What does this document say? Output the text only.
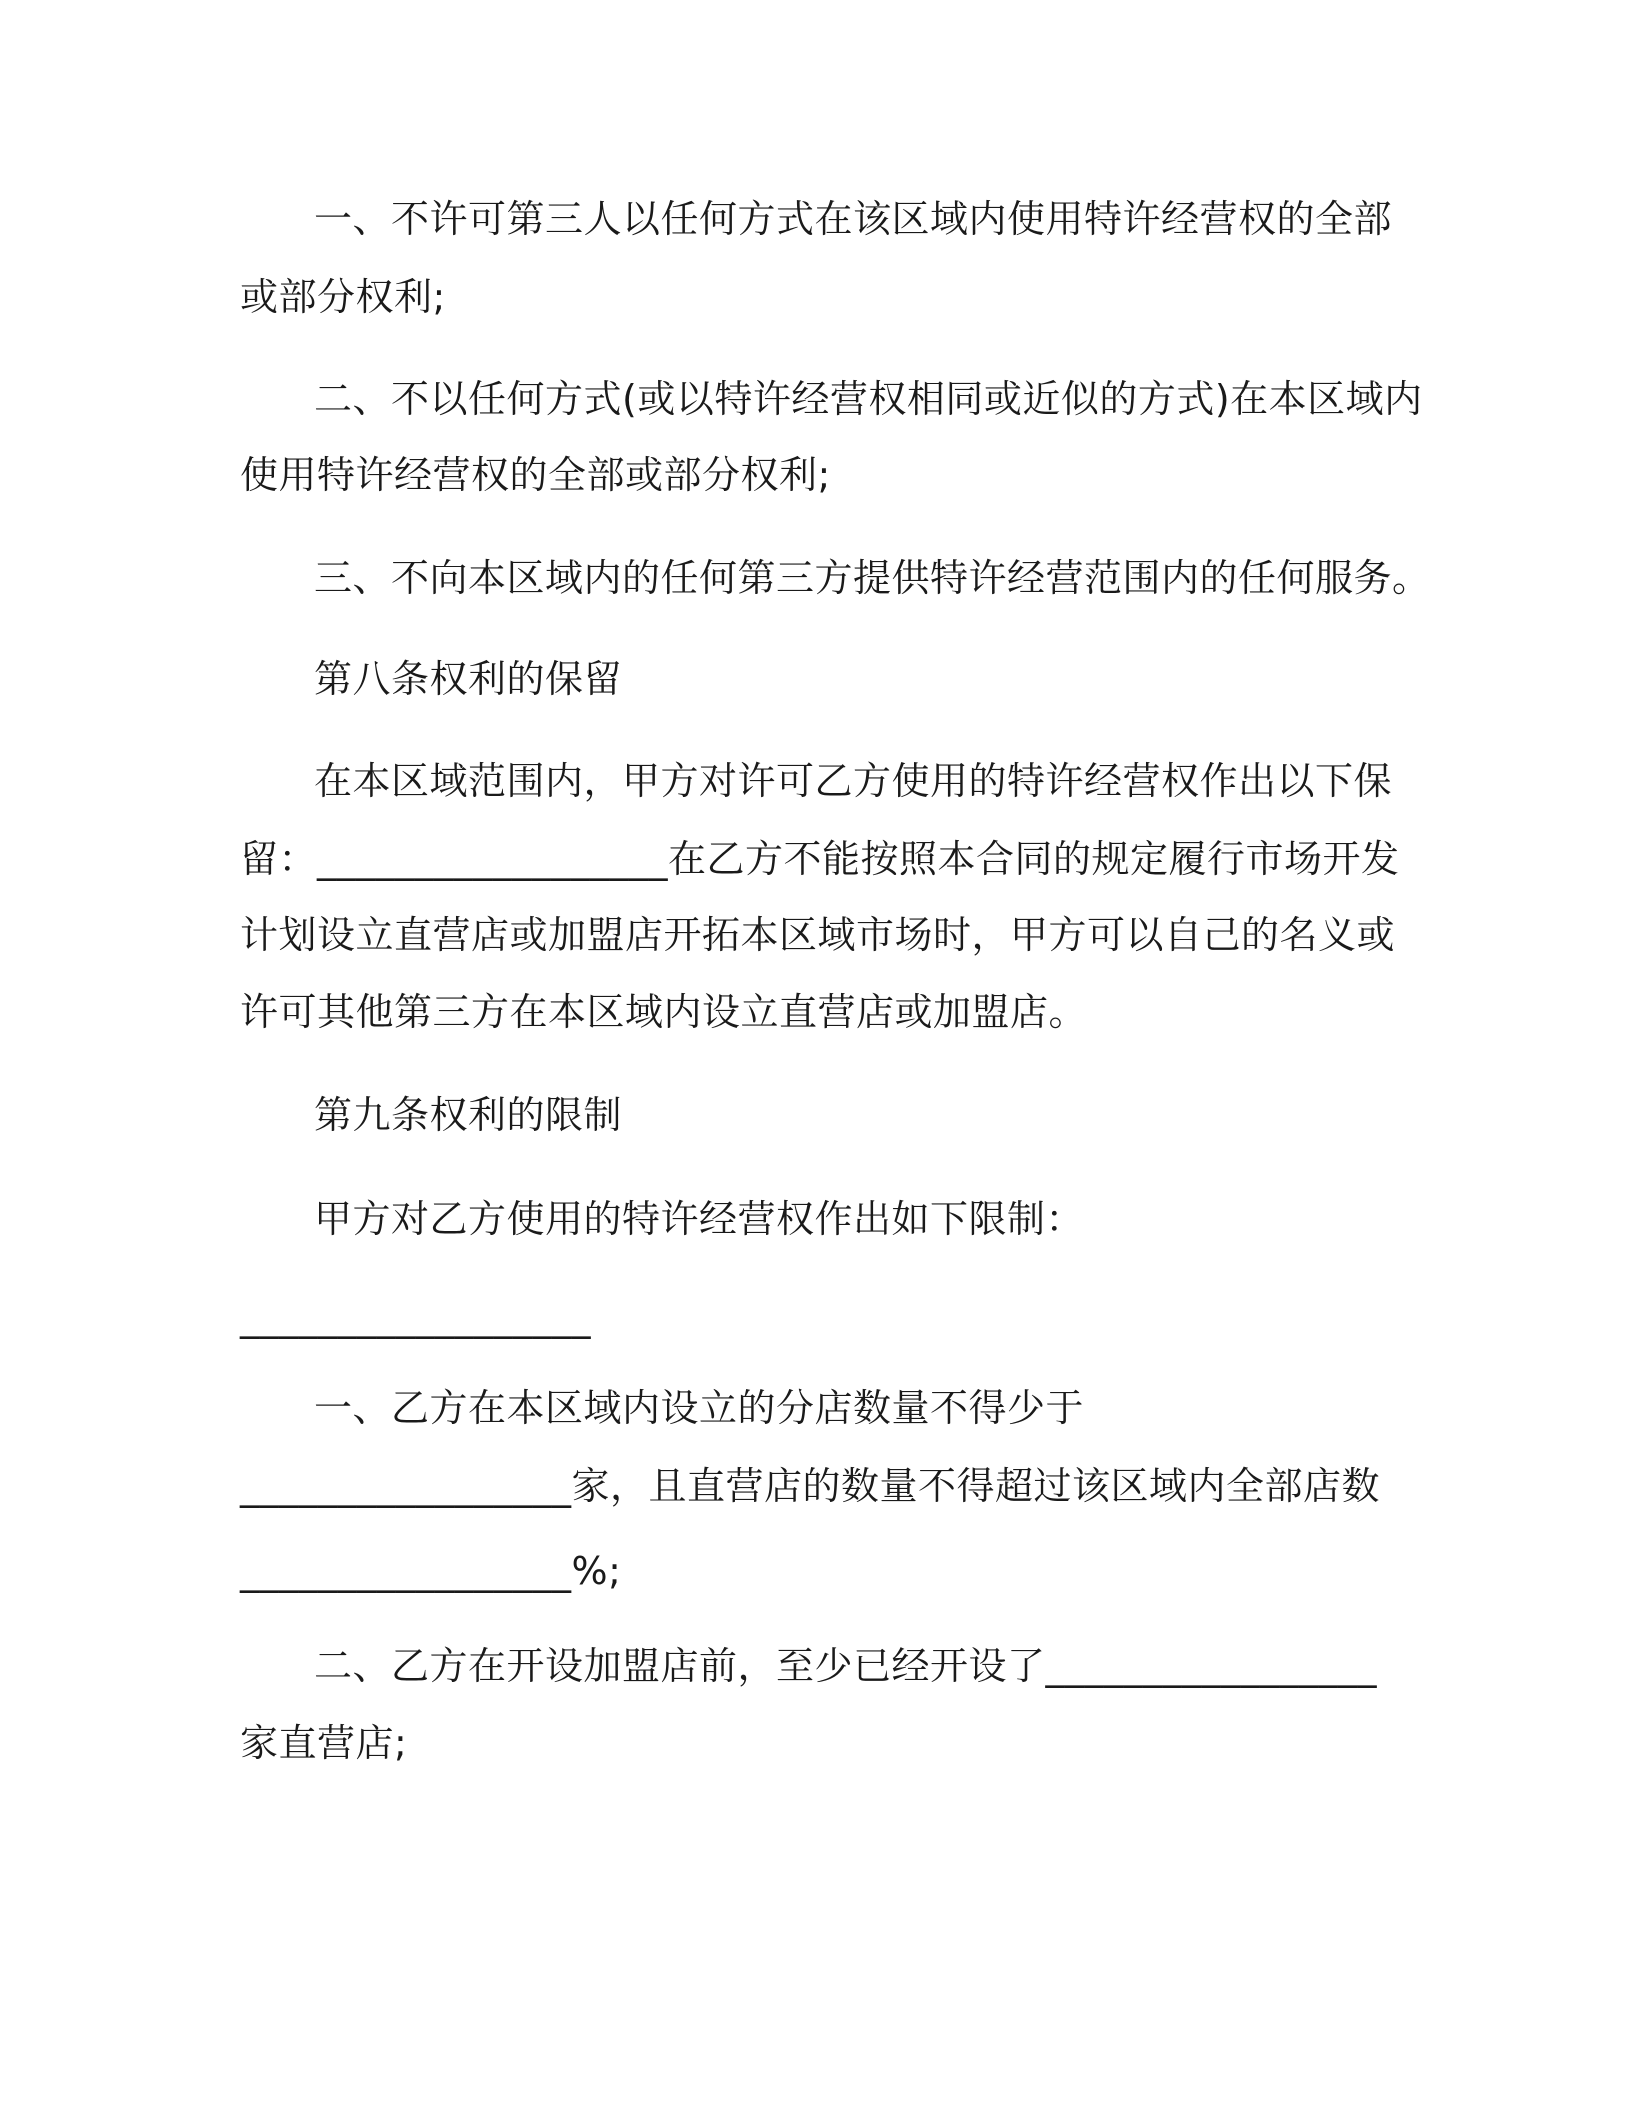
一、不许可第三人以任何方式在该区域内使用特许经营权的全部
或部分权利;
二、不以任何方式(或以特许经营权相同或近似的方式)在本区域内
使用特许经营权的全部或部分权利;
三、不向本区域内的任何第三方提供特许经营范围内的任何服务。
第八条权利的保留
在本区域范围内，甲方对许可乙方使用的特许经营权作出以下保
留：__________________在乙方不能按照本合同的规定履行市场开发
计划设立直营店或加盟店开拓本区域市场时，甲方可以自己的名义或
许可其他第三方在本区域内设立直营店或加盟店。
第九条权利的限制
甲方对乙方使用的特许经营权作出如下限制：
__________________
一、乙方在本区域内设立的分店数量不得少于
_________________家，且直营店的数量不得超过该区域内全部店数
_________________%;
二、乙方在开设加盟店前，至少已经开设了_________________
家直营店;
